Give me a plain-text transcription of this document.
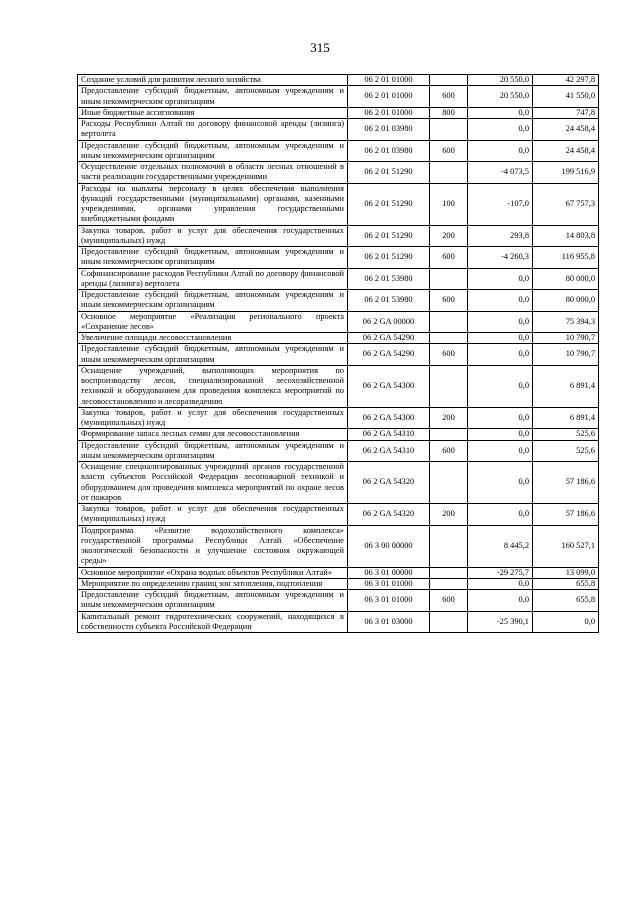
315
Создание условий для развития лесного хозяйства	06 2 01 01000		20 550,0	42 297,8
Предоставление субсидий бюджетным, автономным учреждениям и иным некоммерческим организациям	06 2 01 01000	600	20 550,0	41 550,0
Иные бюджетные ассигнования	06 2 01 01000	800	0,0	747,8
Расходы Республики Алтай по договору финансовой аренды (лизинга) вертолета	06 2 01 03980		0,0	24 458,4
Предоставление субсидий бюджетным, автономным учреждениям и иным некоммерческим организациям	06 2 01 03980	600	0,0	24 458,4
Осуществление отдельных полномочий в области лесных отношений в части реализации государственными учреждениями	06 2 01 51290		-4 073,5	199 516,9
Расходы на выплаты персоналу в целях обеспечения выполнения функций государственными (муниципальными) органами, казенными учреждениями, органами управления государственными внебюджетными фондами	06 2 01 51290	100	-107,0	67 757,3
Закупка товаров, работ и услуг для обеспечения государственных (муниципальных) нужд	06 2 01 51290	200	293,8	14 803,8
Предоставление субсидий бюджетным, автономным учреждениям и иным некоммерческим организациям	06 2 01 51290	600	-4 260,3	116 955,8
Софинансирование расходов Республики Алтай по договору финансовой аренды (лизинга) вертолета	06 2 01 53980		0,0	80 000,0
Предоставление субсидий бюджетным, автономным учреждениям и иным некоммерческим организациям	06 2 01 53980	600	0,0	80 000,0
Основное мероприятие «Реализация регионального проекта «Сохранение лесов»	06 2 GA 00000		0,0	75 394,3
Увеличение площади лесовосстановления	06 2 GA 54290		0,0	10 790,7
Предоставление субсидий бюджетным, автономным учреждениям и иным некоммерческим организациям	06 2 GA 54290	600	0,0	10 790,7
Оснащение учреждений, выполняющих мероприятия по воспроизводству лесов, специализированной лесохозяйственной техникой и оборудованием для проведения комплекса мероприятий по лесовосстановлению и лесоразведению	06 2 GA 54300		0,0	6 891,4
Закупка товаров, работ и услуг для обеспечения государственных (муниципальных) нужд	06 2 GA 54300	200	0,0	6 891,4
Формирование запаса лесных семян для лесовосстановления	06 2 GA 54310		0,0	525,6
Предоставление субсидий бюджетным, автономным учреждениям и иным некоммерческим организациям	06 2 GA 54310	600	0,0	525,6
Оснащение специализированных учреждений органов государственной власти субъектов Российской Федерации лесопожарной техникой и оборудованием для проведения комплекса мероприятий по охране лесов от пожаров	06 2 GA 54320		0,0	57 186,6
Закупка товаров, работ и услуг для обеспечения государственных (муниципальных) нужд	06 2 GA 54320	200	0,0	57 186,6
Подпрограмма «Развитие водохозяйственного комплекса» государственной программы Республики Алтай «Обеспечение экологической безопасности и улучшение состояния окружающей среды»	06 3 00 00000		8 445,2	160 527,1
Основное мероприятие «Охрана водных объектов Республики Алтай»	06 3 01 00000		-29 275,7	13 099,0
Мероприятие по определению границ зон затопления, подтопления	06 3 01 01000		0,0	655,8
Предоставление субсидий бюджетным, автономным учреждениям и иным некоммерческим организациям	06 3 01 01000	600	0,0	655,8
Капитальный ремонт гидротехнических сооружений, находящихся в собственности субъекта Российской Федерации	06 3 01 03000		-25 390,1	0,0
